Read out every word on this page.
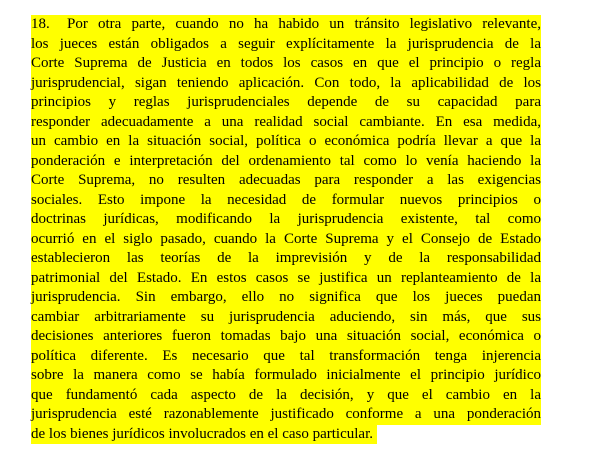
18. Por otra parte, cuando no ha habido un tránsito legislativo relevante,
los jueces están obligados a seguir explícitamente la jurisprudencia de la
Corte Suprema de Justicia en todos los casos en que el principio o regla
jurisprudencial, sigan teniendo aplicación. Con todo, la aplicabilidad de los
principios y reglas jurisprudenciales depende de su capacidad para
responder adecuadamente a una realidad social cambiante. En esa medida,
un cambio en la situación social, política o económica podría llevar a que la
ponderación e interpretación del ordenamiento tal como lo venía haciendo la
Corte Suprema, no resulten adecuadas para responder a las exigencias
sociales. Esto impone la necesidad de formular nuevos principios o
doctrinas jurídicas, modificando la jurisprudencia existente, tal como
ocurrió en el siglo pasado, cuando la Corte Suprema y el Consejo de Estado
establecieron las teorías de la imprevisión y de la responsabilidad
patrimonial del Estado. En estos casos se justifica un replanteamiento de la
jurisprudencia. Sin embargo, ello no significa que los jueces puedan
cambiar arbitrariamente su jurisprudencia aduciendo, sin más, que sus
decisiones anteriores fueron tomadas bajo una situación social, económica o
política diferente. Es necesario que tal transformación tenga injerencia
sobre la manera como se había formulado inicialmente el principio jurídico
que fundamentó cada aspecto de la decisión, y que el cambio en la
jurisprudencia esté razonablemente justificado conforme a una ponderación
de los bienes jurídicos involucrados en el caso particular.
